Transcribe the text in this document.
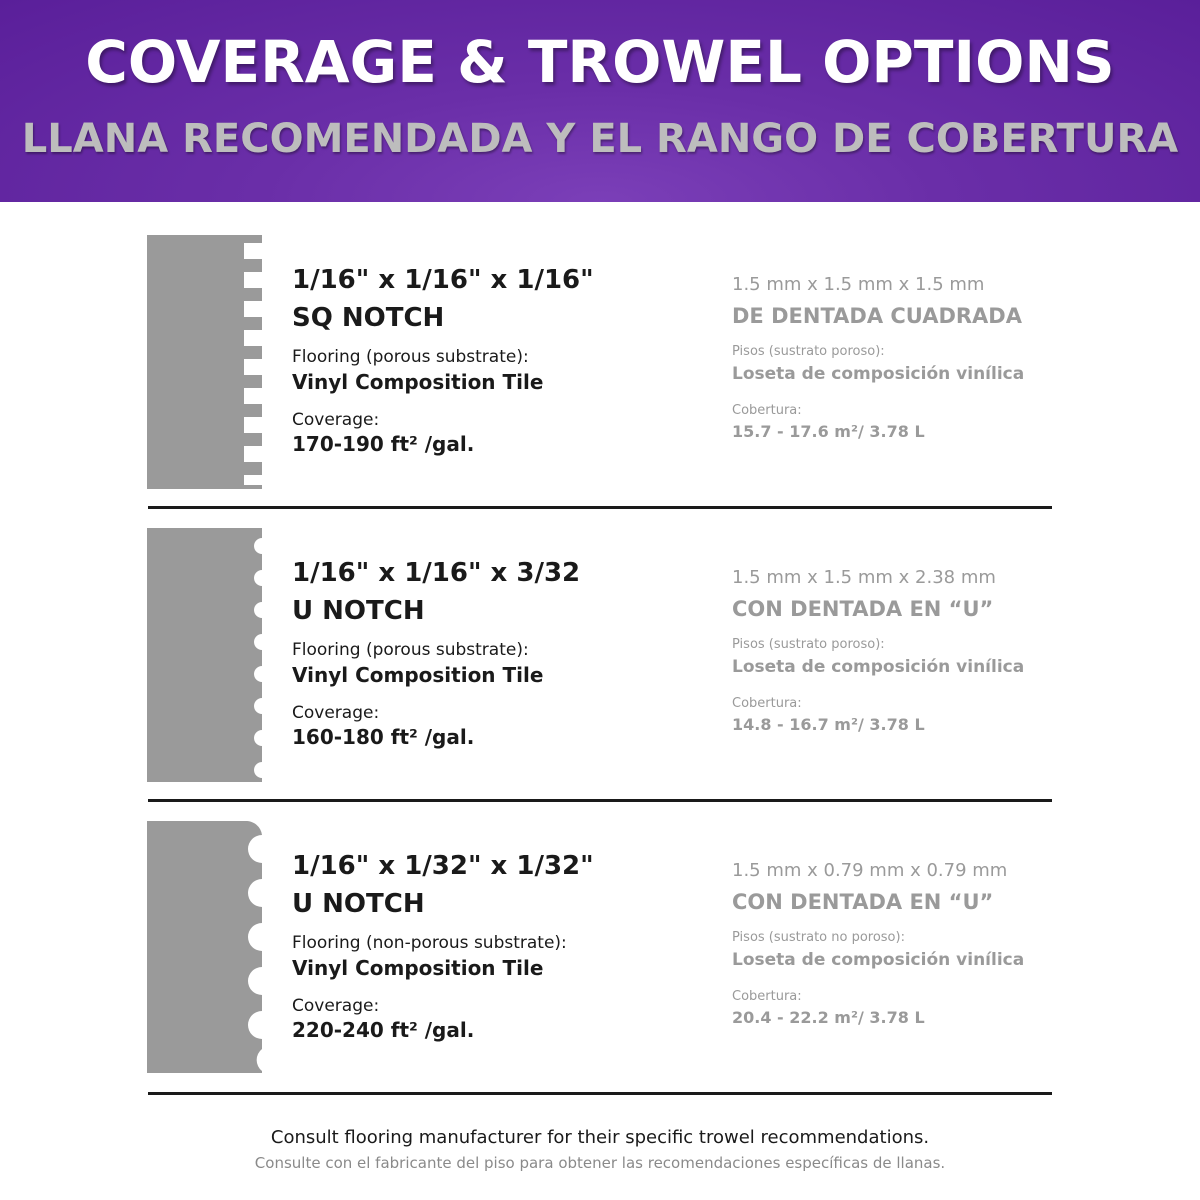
COVERAGE & TROWEL OPTIONS
LLANA RECOMENDADA Y EL RANGO DE COBERTURA
1/16" x 1/16" x 1/16"
SQ NOTCH
Flooring (porous substrate):
Vinyl Composition Tile
Coverage:
170-190 ft² /gal.
1.5 mm x 1.5 mm x 1.5 mm
DE DENTADA CUADRADA
Pisos (sustrato poroso):
Loseta de composición vinílica
Cobertura:
15.7 - 17.6 m²/ 3.78 L
1/16" x 1/16" x 3/32
U NOTCH
Flooring (porous substrate):
Vinyl Composition Tile
Coverage:
160-180 ft² /gal.
1.5 mm x 1.5 mm x 2.38 mm
CON DENTADA EN “U”
Pisos (sustrato poroso):
Loseta de composición vinílica
Cobertura:
14.8 - 16.7 m²/ 3.78 L
1/16" x 1/32" x 1/32"
U NOTCH
Flooring (non-porous substrate):
Vinyl Composition Tile
Coverage:
220-240 ft² /gal.
1.5 mm x 0.79 mm x 0.79 mm
CON DENTADA EN “U”
Pisos (sustrato no poroso):
Loseta de composición vinílica
Cobertura:
20.4 - 22.2 m²/ 3.78 L
Consult flooring manufacturer for their specific trowel recommendations.
Consulte con el fabricante del piso para obtener las recomendaciones específicas de llanas.
